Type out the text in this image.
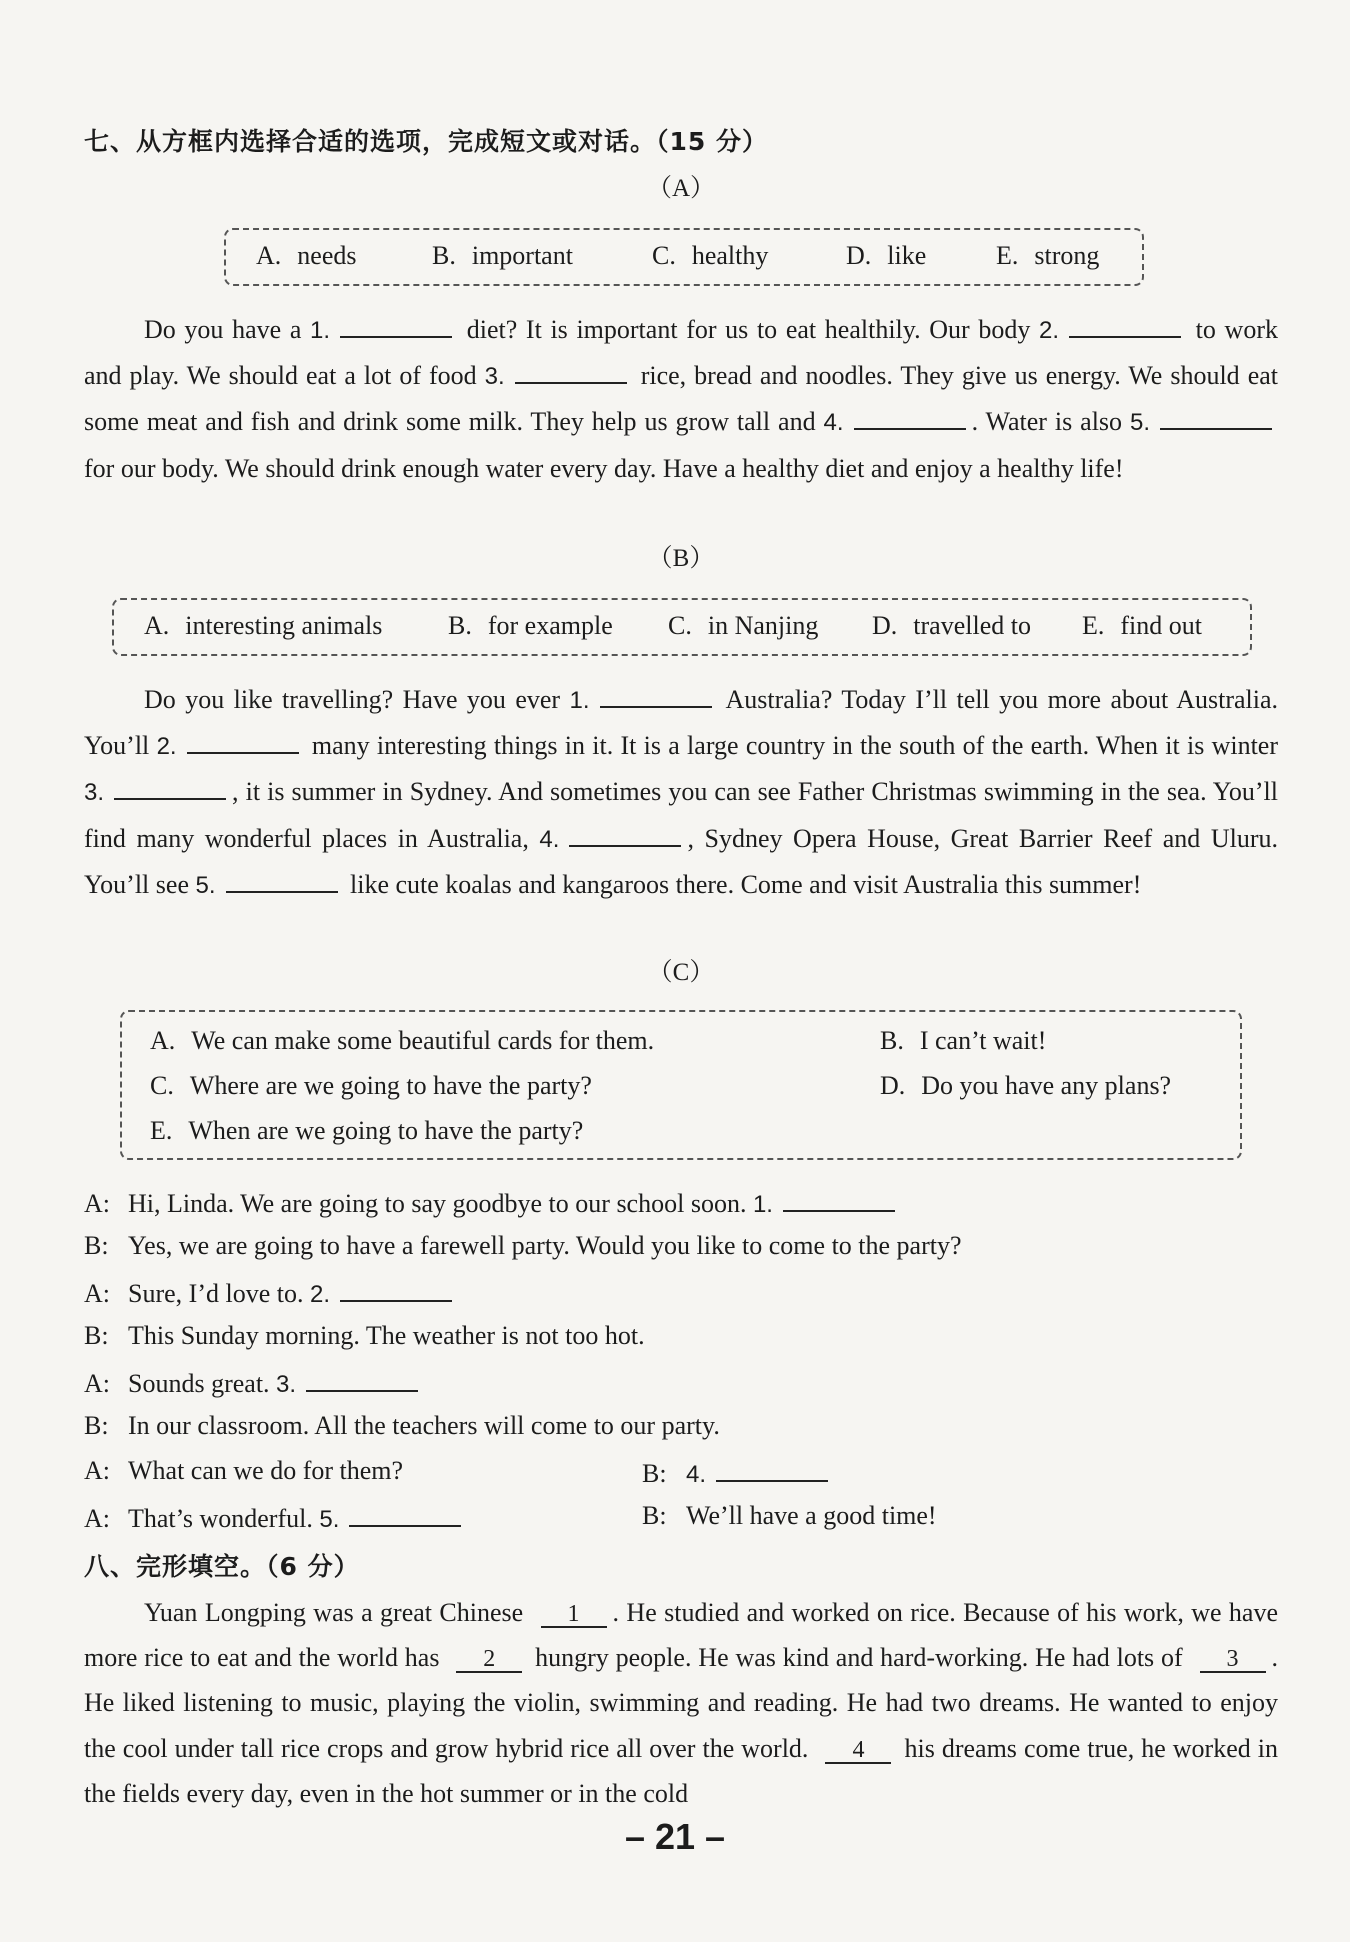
七、从方框内选择合适的选项，完成短文或对话。（15 分）
（A）
A. needs	B. important	C. healthy	D. like	E. strong
Do you have a 1.	diet? It is important for us to eat healthily. Our body 2.	to work and play. We should eat a lot of food 3.	rice, bread and noodles. They give us energy. We should eat some meat and fish and drink some milk. They help us grow tall and 4.	. Water is also 5. for our body. We should drink enough water every day. Have a healthy diet and enjoy a healthy life!
（B）
A. interesting animals	B. for example C. in Nanjing D. travelled to E. find out
Do you like travelling? Have you ever 1.	Australia? Today I’ll tell you more about Australia. You’ll 2.	many interesting things in it. It is a large country in the south of the earth. When it is winter 3.	, it is summer in Sydney. And sometimes you can see Father Christmas swimming in the sea. You’ll find many wonderful places in Australia, 4.	, Sydney Opera House, Great Barrier Reef and Uluru. You’ll see 5.	like cute koalas and kangaroos there. Come and visit Australia this summer!
（C）
A. We can make some beautiful cards for them.	B. I can’t wait!
C. Where are we going to have the party?	D. Do you have any plans?
E. When are we going to have the party?
A: Hi, Linda. We are going to say goodbye to our school soon. 1.
B: Yes, we are going to have a farewell party. Would you like to come to the party?
A: Sure, I’d love to. 2.
B: This Sunday morning. The weather is not too hot.
A: Sounds great. 3.
B: In our classroom. All the teachers will come to our party.
A: What can we do for them?	B: 4.
A: That’s wonderful. 5.	B: We’ll have a good time!
八、完形填空。（6 分）
Yuan Longping was a great Chinese 1 . He studied and worked on rice. Because of his work, we have more rice to eat and the world has 2 hungry people. He was kind and hard-working. He had lots of 3 . He liked listening to music, playing the violin, swimming and reading. He had two dreams. He wanted to enjoy the cool under tall rice crops and grow hybrid rice all over the world. 4 his dreams come true, he worked in the fields every day, even in the hot summer or in the cold
– 21 –
